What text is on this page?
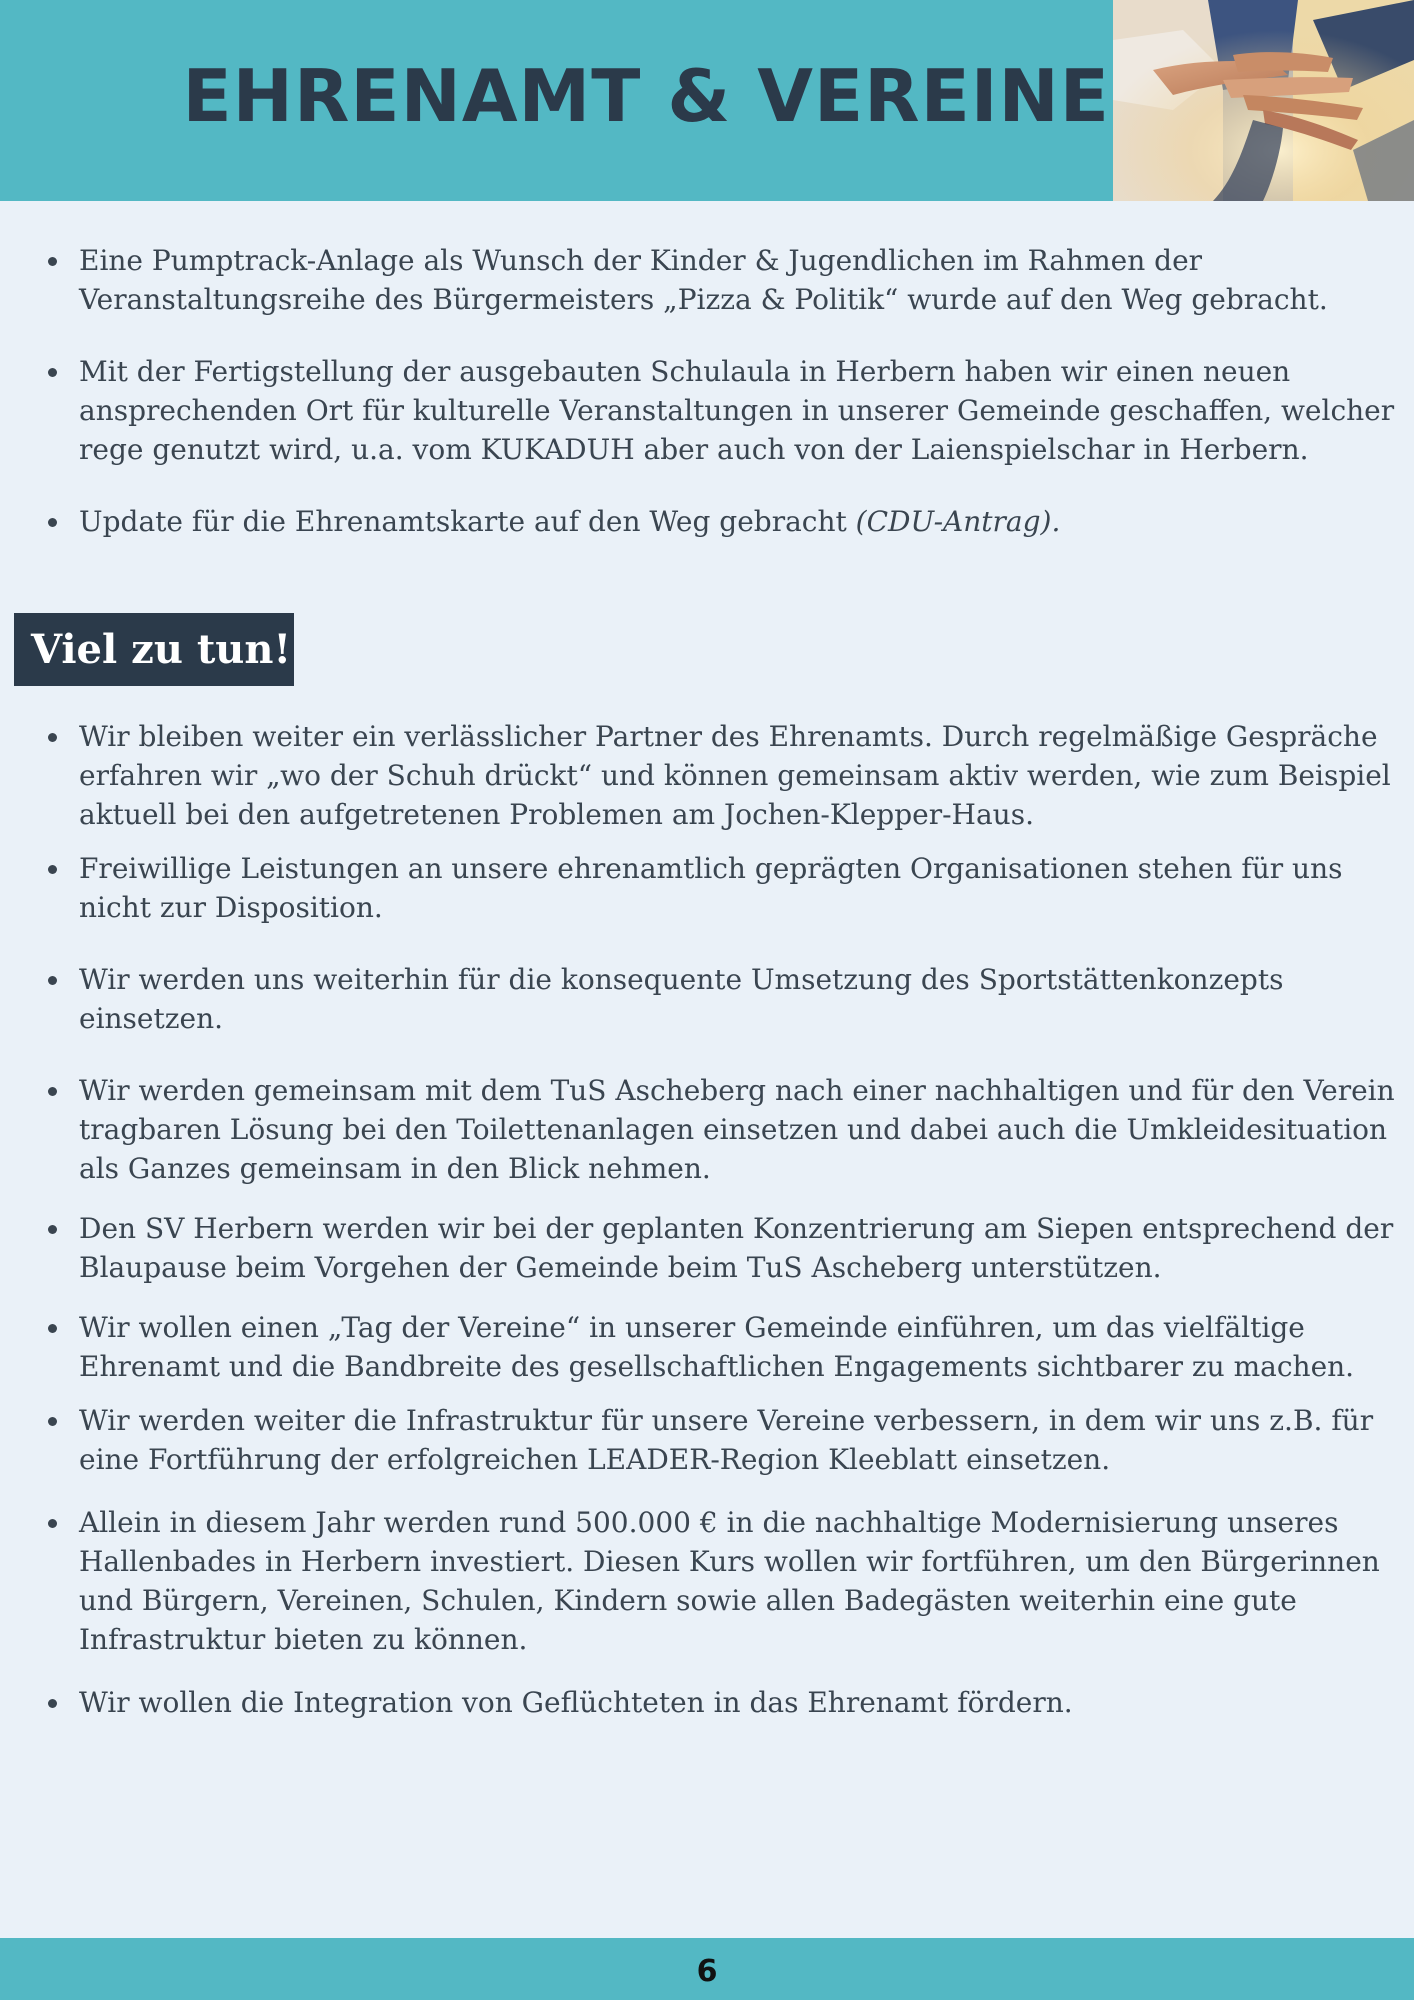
EHRENAMT & VEREINE
Eine Pumptrack-Anlage als Wunsch der Kinder & Jugendlichen im Rahmen der Veranstaltungsreihe des Bürgermeisters „Pizza & Politik“ wurde auf den Weg gebracht.
Mit der Fertigstellung der ausgebauten Schulaula in Herbern haben wir einen neuen ansprechenden Ort für kulturelle Veranstaltungen in unserer Gemeinde geschaffen, welcher rege genutzt wird, u.a. vom KUKADUH aber auch von der Laienspielschar in Herbern.
Update für die Ehrenamtskarte auf den Weg gebracht (CDU-Antrag).
Viel zu tun!
Wir bleiben weiter ein verlässlicher Partner des Ehrenamts. Durch regelmäßige Gespräche erfahren wir „wo der Schuh drückt“ und können gemeinsam aktiv werden, wie zum Beispiel aktuell bei den aufgetretenen Problemen am Jochen-Klepper-Haus.
Freiwillige Leistungen an unsere ehrenamtlich geprägten Organisationen stehen für uns nicht zur Disposition.
Wir werden uns weiterhin für die konsequente Umsetzung des Sportstättenkonzepts einsetzen.
Wir werden gemeinsam mit dem TuS Ascheberg nach einer nachhaltigen und für den Verein tragbaren Lösung bei den Toilettenanlagen einsetzen und dabei auch die Umkleidesituation als Ganzes gemeinsam in den Blick nehmen.
Den SV Herbern werden wir bei der geplanten Konzentrierung am Siepen entsprechend der Blaupause beim Vorgehen der Gemeinde beim TuS Ascheberg unterstützen.
Wir wollen einen „Tag der Vereine“ in unserer Gemeinde einführen, um das vielfältige Ehrenamt und die Bandbreite des gesellschaftlichen Engagements sichtbarer zu machen.
Wir werden weiter die Infrastruktur für unsere Vereine verbessern, in dem wir uns z.B. für eine Fortführung der erfolgreichen LEADER-Region Kleeblatt einsetzen.
Allein in diesem Jahr werden rund 500.000 € in die nachhaltige Modernisierung unseres Hallenbades in Herbern investiert. Diesen Kurs wollen wir fortführen, um den Bürgerinnen und Bürgern, Vereinen, Schulen, Kindern sowie allen Badegästen weiterhin eine gute Infrastruktur bieten zu können.
Wir wollen die Integration von Geflüchteten in das Ehrenamt fördern.
6
